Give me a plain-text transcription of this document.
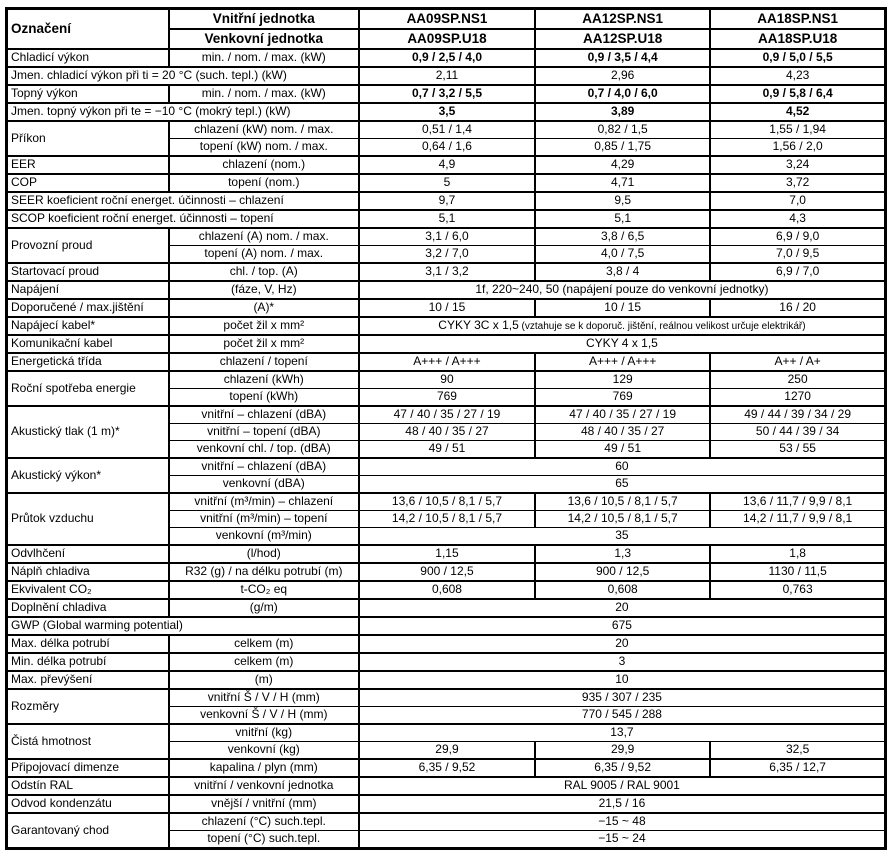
Označení	Vnitřní jednotka	AA09SP.NS1	AA12SP.NS1	AA18SP.NS1
	Venkovní jednotka	AA09SP.U18	AA12SP.U18	AA18SP.U18
Chladicí výkon	min. / nom. / max. (kW)	0,9 / 2,5 / 4,0	0,9 / 3,5 / 4,4	0,9 / 5,0 / 5,5
Jmen. chladicí výkon při ti = 20 °C (such. tepl.) (kW)		2,11	2,96	4,23
Topný výkon	min. / nom. / max. (kW)	0,7 / 3,2 / 5,5	0,7 / 4,0 / 6,0	0,9 / 5,8 / 6,4
Jmen. topný výkon při te = −10 °C (mokrý tepl.) (kW)		3,5	3,89	4,52
Příkon	chlazení (kW) nom. / max.	0,51 / 1,4	0,82 / 1,5	1,55 / 1,94
	topení (kW) nom. / max.	0,64 / 1,6	0,85 / 1,75	1,56 / 2,0
EER	chlazení (nom.)	4,9	4,29	3,24
COP	topení (nom.)	5	4,71	3,72
SEER koeficient roční energet. účinnosti – chlazení		9,7	9,5	7,0
SCOP koeficient roční energet. účinnosti – topení		5,1	5,1	4,3
Provozní proud	chlazení (A) nom. / max.	3,1 / 6,0	3,8 / 6,5	6,9 / 9,0
	topení (A) nom. / max.	3,2 / 7,0	4,0 / 7,5	7,0 / 9,5
Startovací proud	chl. / top. (A)	3,1 / 3,2	3,8 / 4	6,9 / 7,0
Napájení	(fáze, V, Hz)	1f, 220~240, 50 (napájení pouze do venkovní jednotky)		
Doporučené / max.jištění	(A)*	10 / 15	10 / 15	16 / 20
Napájecí kabel*	počet žil x mm²	CYKY 3C x 1,5 (vztahuje se k doporuč. jištění, reálnou velikost určuje elektrikář)		
Komunikační kabel	počet žil x mm²	CYKY 4 x 1,5		
Energetická třída	chlazení / topení	A+++ / A+++	A+++ / A+++	A++ / A+
Roční spotřeba energie	chlazení (kWh)	90	129	250
	topení (kWh)	769	769	1270
Akustický tlak (1 m)*	vnitřní – chlazení (dBA)	47 / 40 / 35 / 27 / 19	47 / 40 / 35 / 27 / 19	49 / 44 / 39 / 34 / 29
	vnitřní – topení (dBA)	48 / 40 / 35 / 27	48 / 40 / 35 / 27	50 / 44 / 39 / 34
	venkovní chl. / top. (dBA)	49 / 51	49 / 51	53 / 55
Akustický výkon*	vnitřní – chlazení (dBA)	60		
	venkovní (dBA)	65		
Průtok vzduchu	vnitřní (m³/min) – chlazení	13,6 / 10,5 / 8,1 / 5,7	13,6 / 10,5 / 8,1 / 5,7	13,6 / 11,7 / 9,9 / 8,1
	vnitřní (m³/min) – topení	14,2 / 10,5 / 8,1 / 5,7	14,2 / 10,5 / 8,1 / 5,7	14,2 / 11,7 / 9,9 / 8,1
	venkovní (m³/min)	35		
Odvlhčení	(l/hod)	1,15	1,3	1,8
Náplň chladiva	R32 (g) / na délku potrubí (m)	900 / 12,5	900 / 12,5	1130 / 11,5
Ekvivalent CO₂	t-CO₂ eq	0,608	0,608	0,763
Doplnění chladiva	(g/m)	20		
GWP (Global warming potential)		675		
Max. délka potrubí	celkem (m)	20		
Min. délka potrubí	celkem (m)	3		
Max. převýšení	(m)	10		
Rozměry	vnitřní Š / V / H (mm)	935 / 307 / 235		
	venkovní Š / V / H (mm)	770 / 545 / 288		
Čistá hmotnost	vnitřní (kg)	13,7		
	venkovní (kg)	29,9	29,9	32,5
Připojovací dimenze	kapalina / plyn (mm)	6,35 / 9,52	6,35 / 9,52	6,35 / 12,7
Odstín RAL	vnitřní / venkovní jednotka	RAL 9005 / RAL 9001		
Odvod kondenzátu	vnější / vnitřní (mm)	21,5 / 16		
Garantovaný chod	chlazení (°C) such.tepl.	−15 ~ 48		
	topení (°C) such.tepl.	−15 ~ 24		
